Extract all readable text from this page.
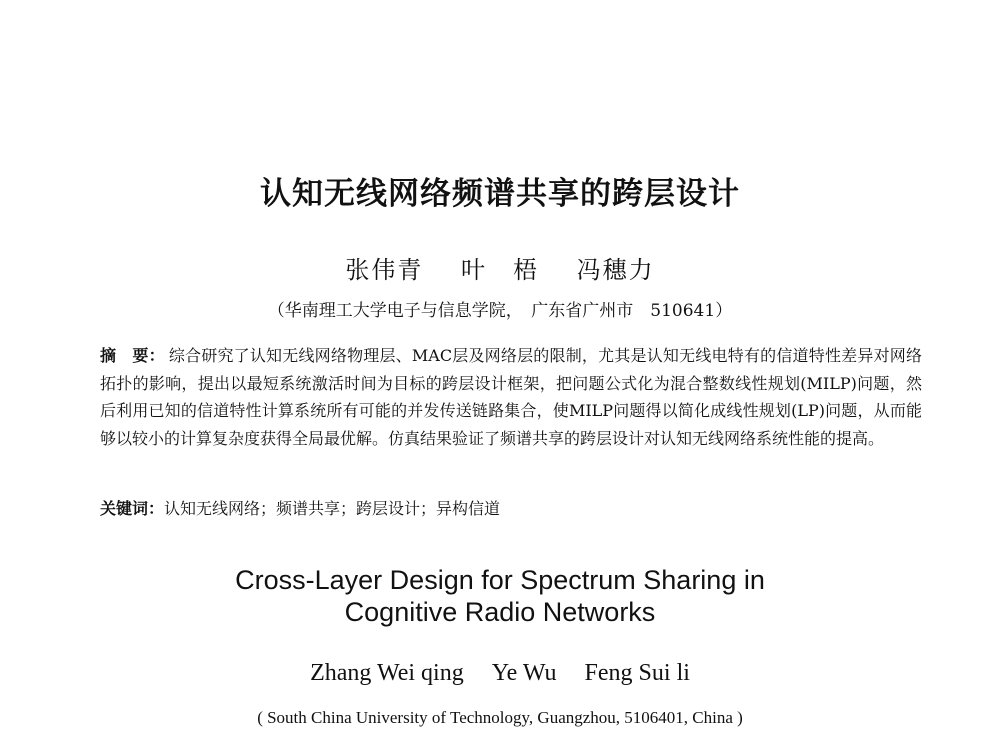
认知无线网络频谱共享的跨层设计
张伟青 叶　梧 冯穗力
（华南理工大学电子与信息学院，　广东省广州市　510641）
摘　要： 综合研究了认知无线网络物理层、MAC层及网络层的限制，尤其是认知无线电特有的信道特性差异对网络拓扑的影响，提出以最短系统激活时间为目标的跨层设计框架，把问题公式化为混合整数线性规划(MILP)问题，然后利用已知的信道特性计算系统所有可能的并发传送链路集合，使MILP问题得以简化成线性规划(LP)问题，从而能够以较小的计算复杂度获得全局最优解。仿真结果验证了频谱共享的跨层设计对认知无线网络系统性能的提高。
关键词：认知无线网络；频谱共享；跨层设计；异构信道
Cross-Layer Design for Spectrum Sharing in
Cognitive Radio Networks
Zhang Wei qing Ye Wu Feng Sui li
( South China University of Technology, Guangzhou, 5106401, China )
